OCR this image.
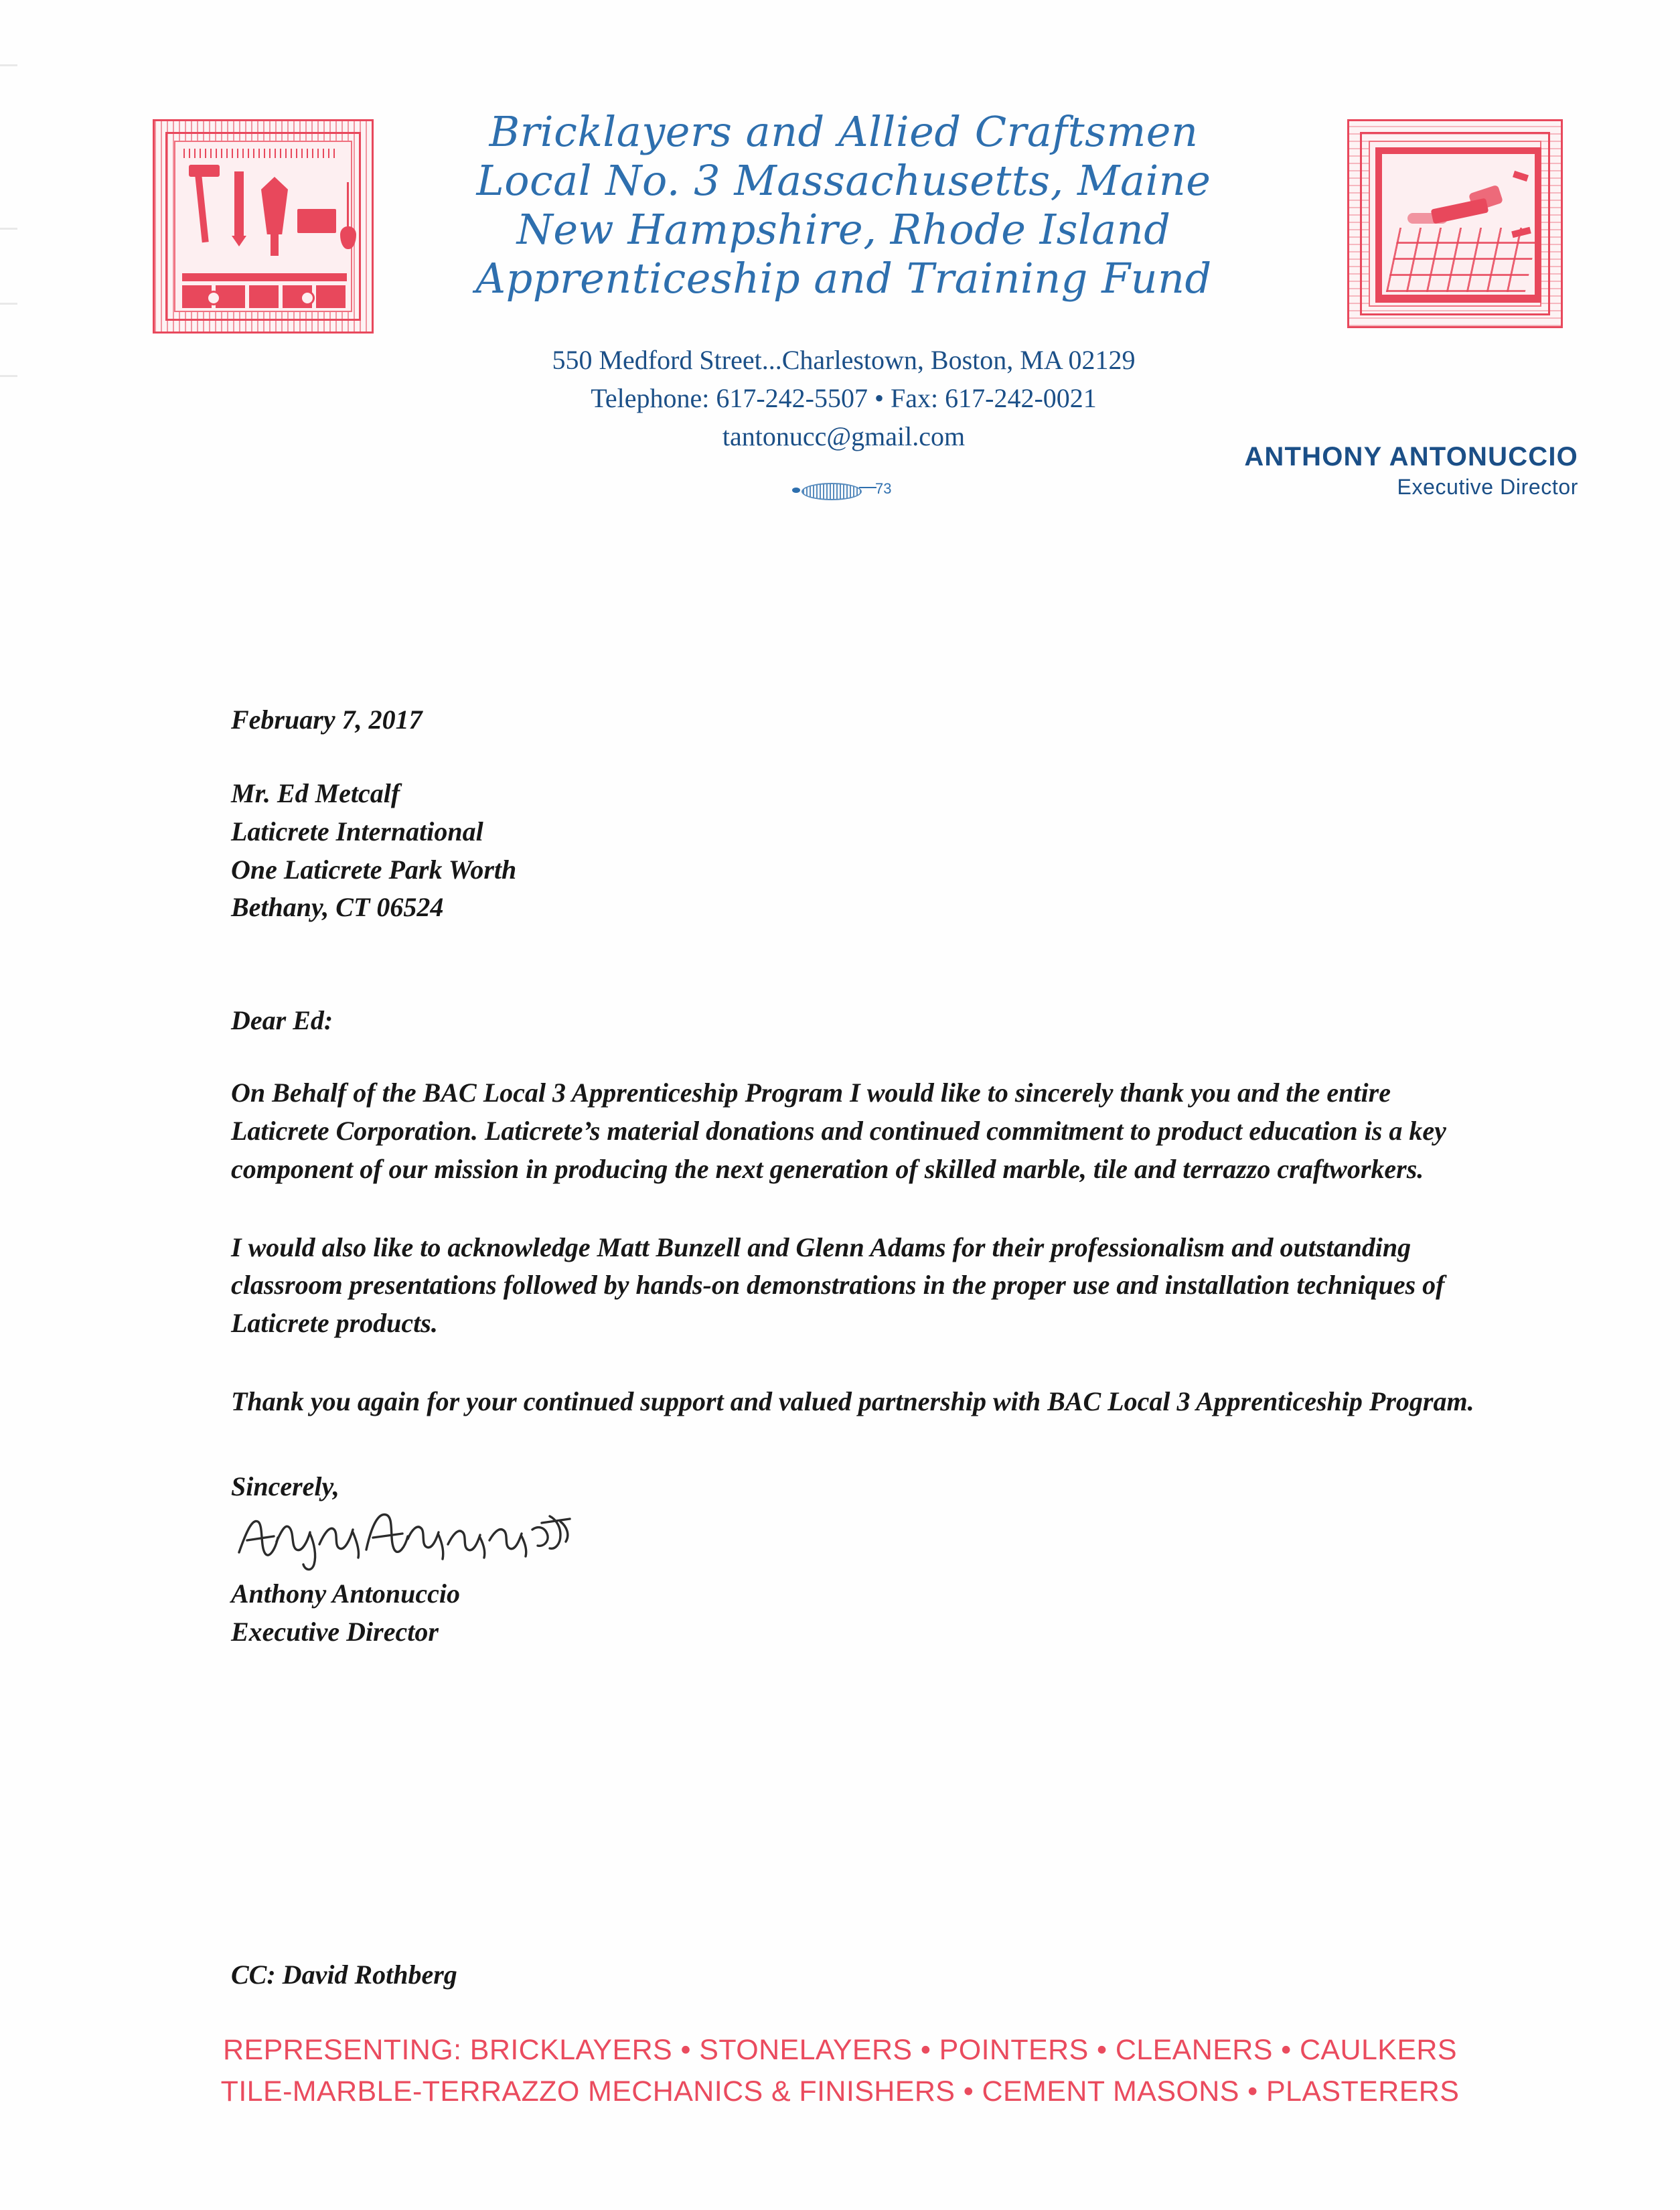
Bricklayers and Allied Craftsmen
Local No. 3 Massachusetts, Maine
New Hampshire, Rhode Island
Apprenticeship and Training Fund
550 Medford Street...Charlestown, Boston, MA 02129
Telephone: 617-242-5507 • Fax: 617-242-0021
tantonucc@gmail.com
73
ANTHONY ANTONUCCIO
Executive Director
February 7, 2017
Mr. Ed Metcalf
Laticrete International
One Laticrete Park Worth
Bethany, CT 06524
Dear Ed:
On Behalf of the BAC Local 3 Apprenticeship Program I would like to sincerely thank you and the entire Laticrete Corporation. Laticrete’s material donations and continued commitment to product education is a key component of our mission in producing the next generation of skilled marble, tile and terrazzo craftworkers.
I would also like to acknowledge Matt Bunzell and Glenn Adams for their professionalism and outstanding classroom presentations followed by hands-on demonstrations in the proper use and installation techniques of Laticrete products.
Thank you again for your continued support and valued partnership with BAC Local 3 Apprenticeship Program.
Sincerely,
Anthony Antonuccio
Executive Director
CC: David Rothberg
REPRESENTING: BRICKLAYERS • STONELAYERS • POINTERS • CLEANERS • CAULKERS
TILE-MARBLE-TERRAZZO MECHANICS & FINISHERS • CEMENT MASONS • PLASTERERS
